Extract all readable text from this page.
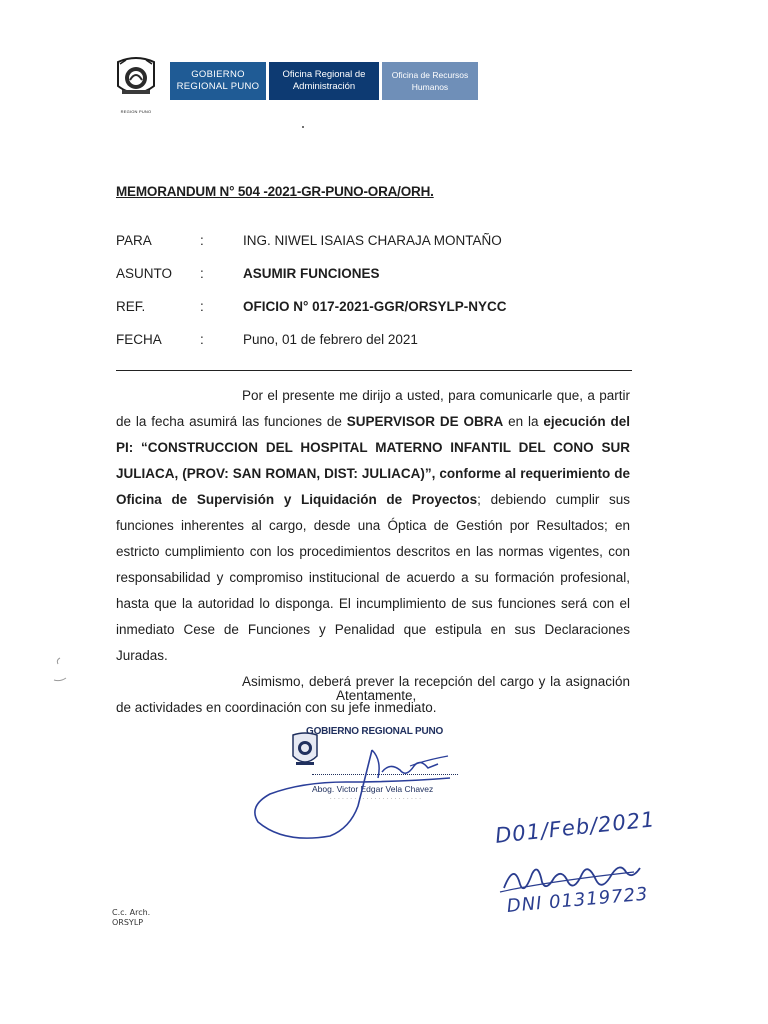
REGION PUNO
GOBIERNO REGIONAL PUNO
Oficina Regional de Administración
Oficina de Recursos Humanos
MEMORANDUM N° 504 -2021-GR-PUNO-ORA/ORH.
PARA	:	ING. NIWEL ISAIAS CHARAJA MONTAÑO
ASUNTO :	ASUMIR FUNCIONES
REF.	:	OFICIO N° 017-2021-GGR/ORSYLP-NYCC
FECHA	:	Puno, 01 de febrero del 2021

Por el presente me dirijo a usted, para comunicarle que, a partir de la fecha asumirá las funciones de SUPERVISOR DE OBRA en la ejecución del PI: “CONSTRUCCION DEL HOSPITAL MATERNO INFANTIL DEL CONO SUR JULIACA, (PROV: SAN ROMAN, DIST: JULIACA)”, conforme al requerimiento de Oficina de Supervisión y Liquidación de Proyectos; debiendo cumplir sus funciones inherentes al cargo, desde una Óptica de Gestión por Resultados; en estricto cumplimiento con los procedimientos descritos en las normas vigentes, con responsabilidad y compromiso institucional de acuerdo a su formación profesional, hasta que la autoridad lo disponga. El incumplimiento de sus funciones será con el inmediato Cese de Funciones y Penalidad que estipula en sus Declaraciones Juradas.

Asimismo, deberá prever la recepción del cargo y la asignación de actividades en coordinación con su jefe inmediato.

Atentamente,
GOBIERNO REGIONAL PUNO
Abog. Victor Edgar Vela Chavez
· · · · · · · · · · · · · · · · · · · · · · ·
D01/Feb/2021
DNI 01319723
C.c. Arch.
ORSYLP
